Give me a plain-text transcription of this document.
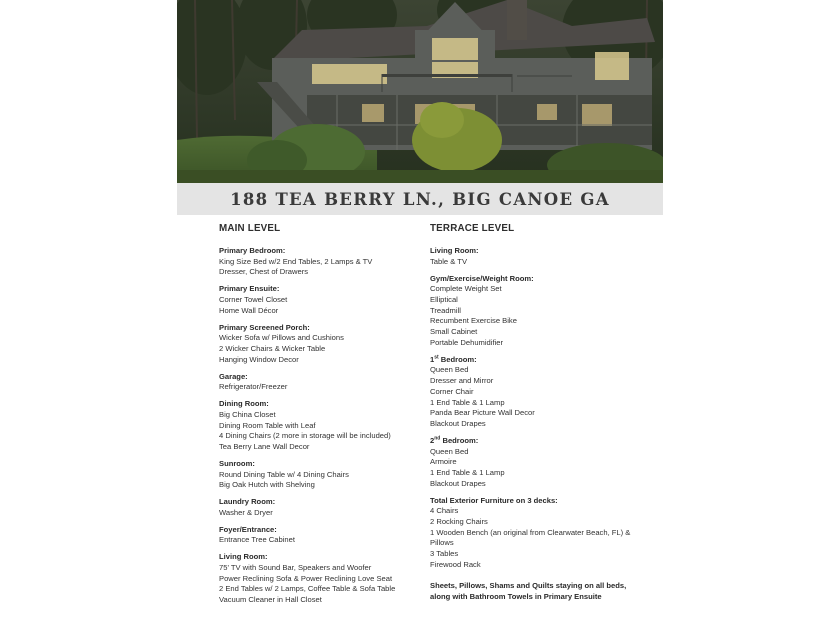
188 TEA BERRY LN., BIG CANOE GA
MAIN LEVEL
Primary Bedroom:
King Size Bed w/2 End Tables, 2 Lamps & TV
Dresser, Chest of Drawers
Primary Ensuite:
Corner Towel Closet
Home Wall Décor
Primary Screened Porch:
Wicker Sofa w/ Pillows and Cushions
2 Wicker Chairs & Wicker Table
Hanging Window Decor
Garage:
Refrigerator/Freezer
Dining Room:
Big China Closet
Dining Room Table with Leaf
4 Dining Chairs (2 more in storage will be included)
Tea Berry Lane Wall Decor
Sunroom:
Round Dining Table w/ 4 Dining Chairs
Big Oak Hutch with Shelving
Laundry Room:
Washer & Dryer
Foyer/Entrance:
Entrance Tree Cabinet
Living Room:
75' TV with Sound Bar, Speakers and Woofer
Power Reclining Sofa & Power Reclining Love Seat
2 End Tables w/ 2 Lamps, Coffee Table & Sofa Table
Vacuum Cleaner in Hall Closet
TERRACE LEVEL
Living Room:
Table & TV
Gym/Exercise/Weight Room:
Complete Weight Set
Elliptical
Treadmill
Recumbent Exercise Bike
Small Cabinet
Portable Dehumidifier
1st Bedroom:
Queen Bed
Dresser and Mirror
Corner Chair
1 End Table & 1 Lamp
Panda Bear Picture Wall Decor
Blackout Drapes
2nd Bedroom:
Queen Bed
Armoire
1 End Table & 1 Lamp
Blackout Drapes
Total Exterior Furniture on 3 decks:
4 Chairs
2 Rocking Chairs
1 Wooden Bench (an original from Clearwater Beach, FL) & Pillows
3 Tables
Firewood Rack
Sheets, Pillows, Shams and Quilts staying on all beds, along with Bathroom Towels in Primary Ensuite
